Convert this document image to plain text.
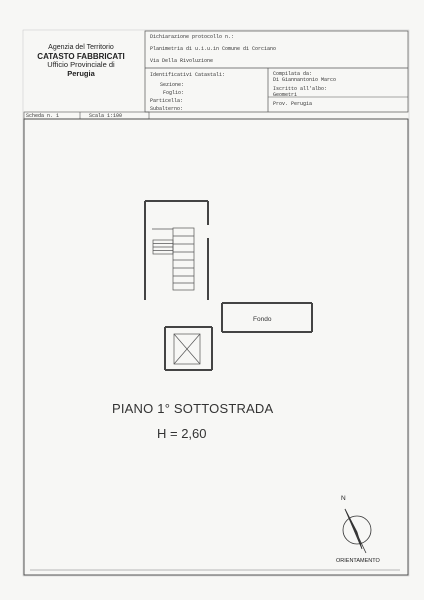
Agenzia del Territorio
CATASTO FABBRICATI
Ufficio Provinciale di
Perugia
Dichiarazione protocollo n.:
Planimetria di u.i.u.in Comune di Corciano
Via Della Rivoluzione
Identificativi Catastali:
Sezione:
Foglio:
Particella:
Subalterno:
Compilata da:
Di Giannantonio Marco
Iscritto all'albo:
Geometri
Prov. Perugia
Scheda n. 1	Scala 1:100
Fondo
PIANO 1° SOTTOSTRADA
H = 2,60
N
ORIENTAMENTO
